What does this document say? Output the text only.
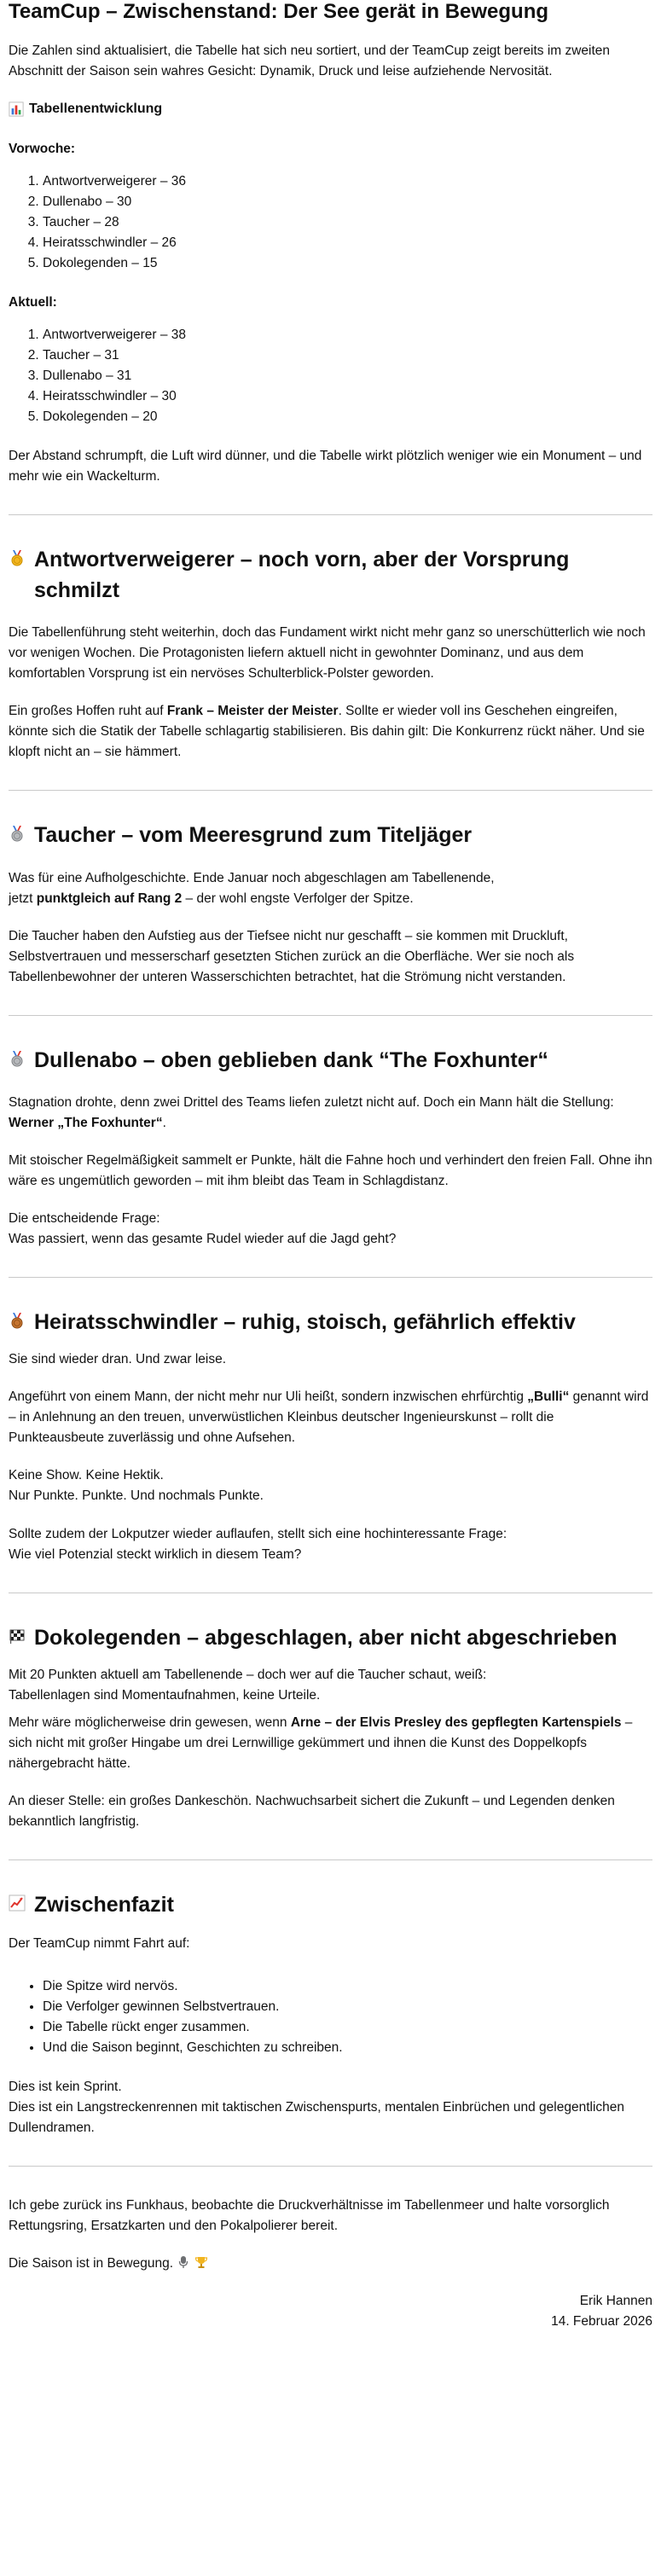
TeamCup – Zwischenstand: Der See gerät in Bewegung

Die Zahlen sind aktualisiert, die Tabelle hat sich neu sortiert, und der TeamCup zeigt bereits im zweiten Abschnitt der Saison sein wahres Gesicht: Dynamik, Druck und leise aufziehende Nervosität.

Tabellenentwicklung

Vorwoche:

1. Antwortverweigerer – 36
2. Dullenabo – 30
3. Taucher – 28
4. Heiratsschwindler – 26
5. Dokolegenden – 15

Aktuell:

1. Antwortverweigerer – 38
2. Taucher – 31
3. Dullenabo – 31
4. Heiratsschwindler – 30
5. Dokolegenden – 20

Der Abstand schrumpft, die Luft wird dünner, und die Tabelle wirkt plötzlich weniger wie ein Monument – und mehr wie ein Wackelturm.

Antwortverweigerer – noch vorn, aber der Vorsprung schmilzt

Die Tabellenführung steht weiterhin, doch das Fundament wirkt nicht mehr ganz so unerschütterlich wie noch vor wenigen Wochen. Die Protagonisten liefern aktuell nicht in gewohnter Dominanz, und aus dem komfortablen Vorsprung ist ein nervöses Schulterblick-Polster geworden.

Ein großes Hoffen ruht auf Frank – Meister der Meister. Sollte er wieder voll ins Geschehen eingreifen, könnte sich die Statik der Tabelle schlagartig stabilisieren. Bis dahin gilt: Die Konkurrenz rückt näher. Und sie klopft nicht an – sie hämmert.

Taucher – vom Meeresgrund zum Titeljäger

Was für eine Aufholgeschichte. Ende Januar noch abgeschlagen am Tabellenende,
jetzt punktgleich auf Rang 2 – der wohl engste Verfolger der Spitze.

Die Taucher haben den Aufstieg aus der Tiefsee nicht nur geschafft – sie kommen mit Druckluft, Selbstvertrauen und messerscharf gesetzten Stichen zurück an die Oberfläche. Wer sie noch als Tabellenbewohner der unteren Wasserschichten betrachtet, hat die Strömung nicht verstanden.

Dullenabo – oben geblieben dank “The Foxhunter“

Stagnation drohte, denn zwei Drittel des Teams liefen zuletzt nicht auf. Doch ein Mann hält die Stellung: Werner „The Foxhunter“.

Mit stoischer Regelmäßigkeit sammelt er Punkte, hält die Fahne hoch und verhindert den freien Fall. Ohne ihn wäre es ungemütlich geworden – mit ihm bleibt das Team in Schlagdistanz.

Die entscheidende Frage:
Was passiert, wenn das gesamte Rudel wieder auf die Jagd geht?

Heiratsschwindler – ruhig, stoisch, gefährlich effektiv

Sie sind wieder dran. Und zwar leise.

Angeführt von einem Mann, der nicht mehr nur Uli heißt, sondern inzwischen ehrfürchtig „Bulli“ genannt wird – in Anlehnung an den treuen, unverwüstlichen Kleinbus deutscher Ingenieurskunst – rollt die Punkteausbeute zuverlässig und ohne Aufsehen.

Keine Show. Keine Hektik.
Nur Punkte. Punkte. Und nochmals Punkte.

Sollte zudem der Lokputzer wieder auflaufen, stellt sich eine hochinteressante Frage:
Wie viel Potenzial steckt wirklich in diesem Team?

Dokolegenden – abgeschlagen, aber nicht abgeschrieben

Mit 20 Punkten aktuell am Tabellenende – doch wer auf die Taucher schaut, weiß:
Tabellenlagen sind Momentaufnahmen, keine Urteile.

Mehr wäre möglicherweise drin gewesen, wenn Arne – der Elvis Presley des gepflegten Kartenspiels – sich nicht mit großer Hingabe um drei Lernwillige gekümmert und ihnen die Kunst des Doppelkopfs nähergebracht hätte.

An dieser Stelle: ein großes Dankeschön. Nachwuchsarbeit sichert die Zukunft – und Legenden denken bekanntlich langfristig.

Zwischenfazit

Der TeamCup nimmt Fahrt auf:

• Die Spitze wird nervös.
• Die Verfolger gewinnen Selbstvertrauen.
• Die Tabelle rückt enger zusammen.
• Und die Saison beginnt, Geschichten zu schreiben.

Dies ist kein Sprint.
Dies ist ein Langstreckenrennen mit taktischen Zwischenspurts, mentalen Einbrüchen und gelegentlichen Dullendramen.

Ich gebe zurück ins Funkhaus, beobachte die Druckverhältnisse im Tabellenmeer und halte vorsorglich Rettungsring, Ersatzkarten und den Pokalpolierer bereit.

Die Saison ist in Bewegung.

Erik Hannen
14. Februar 2026
